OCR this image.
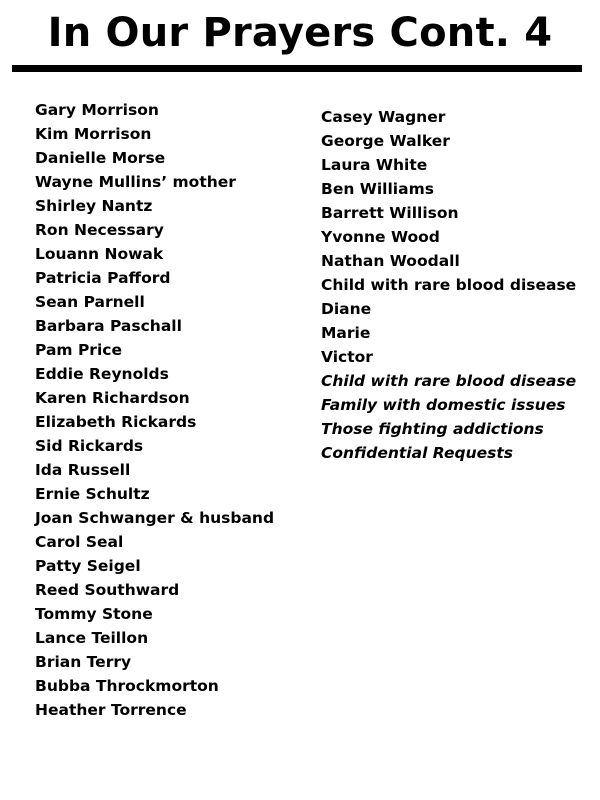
In Our Prayers Cont. 4
Gary Morrison
Kim Morrison
Danielle Morse
Wayne Mullins’ mother
Shirley Nantz
Ron Necessary
Louann Nowak
Patricia Pafford
Sean Parnell
Barbara Paschall
Pam Price
Eddie Reynolds
Karen Richardson
Elizabeth Rickards
Sid Rickards
Ida Russell
Ernie Schultz
Joan Schwanger & husband
Carol Seal
Patty Seigel
Reed Southward
Tommy Stone
Lance Teillon
Brian Terry
Bubba Throckmorton
Heather Torrence
Casey Wagner
George Walker
Laura White
Ben Williams
Barrett Willison
Yvonne Wood
Nathan Woodall
Child with rare blood disease
Diane
Marie
Victor
Child with rare blood disease
Family with domestic issues
Those fighting addictions
Confidential Requests
